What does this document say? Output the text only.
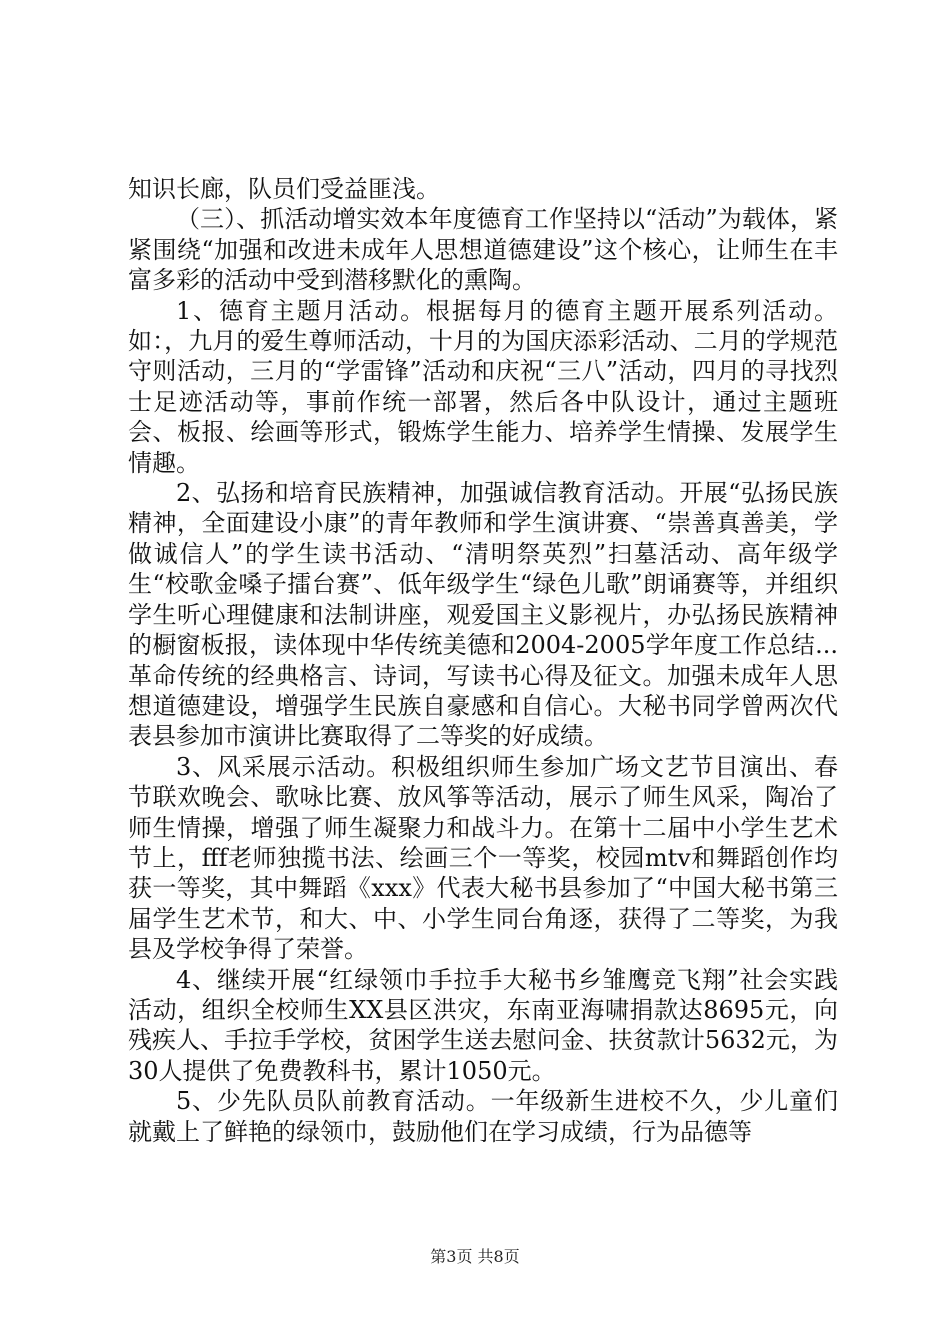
知识长廊，队员们受益匪浅。

（三）、抓活动增实效本年度德育工作坚持以“活动”为载体，紧紧围绕“加强和改进未成年人思想道德建设”这个核心，让师生在丰富多彩的活动中受到潜移默化的熏陶。

1、德育主题月活动。根据每月的德育主题开展系列活动。如：，九月的爱生尊师活动，十月的为国庆添彩活动、二月的学规范守则活动，三月的“学雷锋”活动和庆祝“三八”活动，四月的寻找烈士足迹活动等，事前作统一部署，然后各中队设计，通过主题班会、板报、绘画等形式，锻炼学生能力、培养学生情操、发展学生情趣。

2、弘扬和培育民族精神，加强诚信教育活动。开展“弘扬民族精神，全面建设小康”的青年教师和学生演讲赛、“崇善真善美，学做诚信人”的学生读书活动、“清明祭英烈”扫墓活动、高年级学生“校歌金嗓子擂台赛”、低年级学生“绿色儿歌”朗诵赛等，并组织学生听心理健康和法制讲座，观爱国主义影视片，办弘扬民族精神的橱窗板报，读体现中华传统美德和2004-2005学年度工作总结...革命传统的经典格言、诗词，写读书心得及征文。加强未成年人思想道德建设，增强学生民族自豪感和自信心。大秘书同学曾两次代表县参加市演讲比赛取得了二等奖的好成绩。

3、风采展示活动。积极组织师生参加广场文艺节目演出、春节联欢晚会、歌咏比赛、放风筝等活动，展示了师生风采，陶冶了师生情操，增强了师生凝聚力和战斗力。在第十二届中小学生艺术节上，fff老师独揽书法、绘画三个一等奖，校园mtv和舞蹈创作均获一等奖，其中舞蹈《xxx》代表大秘书县参加了“中国大秘书第三届学生艺术节，和大、中、小学生同台角逐，获得了二等奖，为我县及学校争得了荣誉。

4、继续开展“红绿领巾手拉手大秘书乡雏鹰竞飞翔”社会实践活动，组织全校师生XX县区洪灾，东南亚海啸捐款达8695元，向残疾人、手拉手学校，贫困学生送去慰问金、扶贫款计5632元，为30人提供了免费教科书，累计1050元。

5、少先队员队前教育活动。一年级新生进校不久，少儿童们就戴上了鲜艳的绿领巾，鼓励他们在学习成绩，行为品德等

第3页 共8页
